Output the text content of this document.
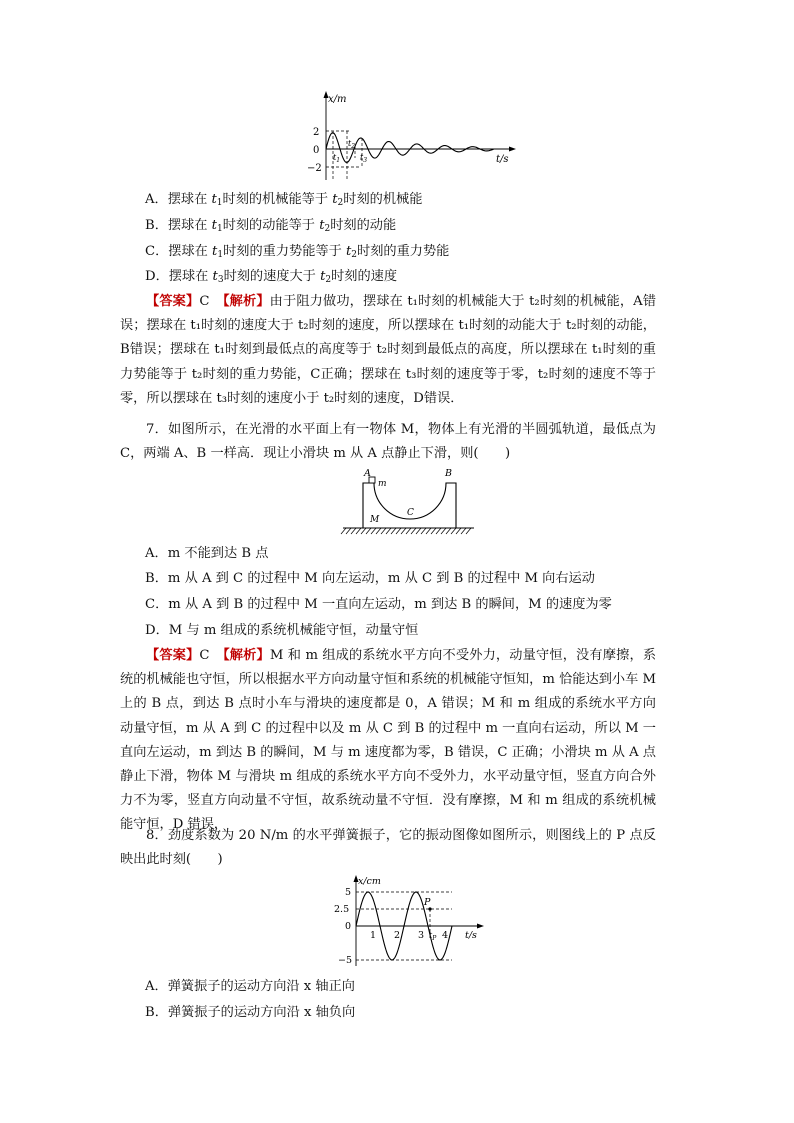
x/m
t/s
2
0
−2
$t_1$
$t_2$
$t_3$
A．摆球在 $t_1$时刻的机械能等于 $t_2$时刻的机械能
B．摆球在 $t_1$时刻的动能等于 $t_2$时刻的动能
C．摆球在 $t_1$时刻的重力势能等于 $t_2$时刻的重力势能
D．摆球在 $t_3$时刻的速度大于 $t_2$时刻的速度

【答案】C　 【解析】由于阻力做功，摆球在 t₁时刻的机械能大于 t₂时刻的机械能，A错误；摆球在 t₁时刻的速度大于 t₂时刻的速度，所以摆球在 t₁时刻的动能大于 t₂时刻的动能，B错误；摆球在 t₁时刻到最低点的高度等于 t₂时刻到最低点的高度，所以摆球在 t₁时刻的重力势能等于 t₂时刻的重力势能，C正确；摆球在 t₃时刻的速度等于零，t₂时刻的速度不等于零，所以摆球在 t₃时刻的速度小于 t₂时刻的速度，D错误．

7．如图所示，在光滑的水平面上有一物体 M，物体上有光滑的半圆弧轨道，最低点为 C，两端 A、B 一样高．现让小滑块 m 从 A 点静止下滑，则(　　)

A	B
m
M
C
A．m 不能到达 B 点
B．m 从 A 到 C 的过程中 M 向左运动，m 从 C 到 B 的过程中 M 向右运动
C．m 从 A 到 B 的过程中 M 一直向左运动，m 到达 B 的瞬间，M 的速度为零
D．M 与 m 组成的系统机械能守恒，动量守恒

【答案】C　 【解析】M 和 m 组成的系统水平方向不受外力，动量守恒，没有摩擦，系统的机械能也守恒，所以根据水平方向动量守恒和系统的机械能守恒知，m 恰能达到小车 M 上的 B 点，到达 B 点时小车与滑块的速度都是 0，A 错误；M 和 m 组成的系统水平方向动量守恒，m 从 A 到 C 的过程中以及 m 从 C 到 B 的过程中 m 一直向右运动，所以 M 一直向左运动，m 到达 B 的瞬间，M 与 m 速度都为零，B 错误，C 正确；小滑块 m 从 A 点静止下滑，物体 M 与滑块 m 组成的系统水平方向不受外力，水平动量守恒，竖直方向合外力不为零，竖直方向动量不守恒，故系统动量不守恒．没有摩擦，M 和 m 组成的系统机械能守恒，D 错误．

8．劲度系数为 20 N/m 的水平弹簧振子，它的振动图像如图所示，则图线上的 P 点反映出此时刻(　　)

x/cm
t/s
5
2.5
0
−5
1 2 3 4
P
$t_P$
A．弹簧振子的运动方向沿 x 轴正向
B．弹簧振子的运动方向沿 x 轴负向
